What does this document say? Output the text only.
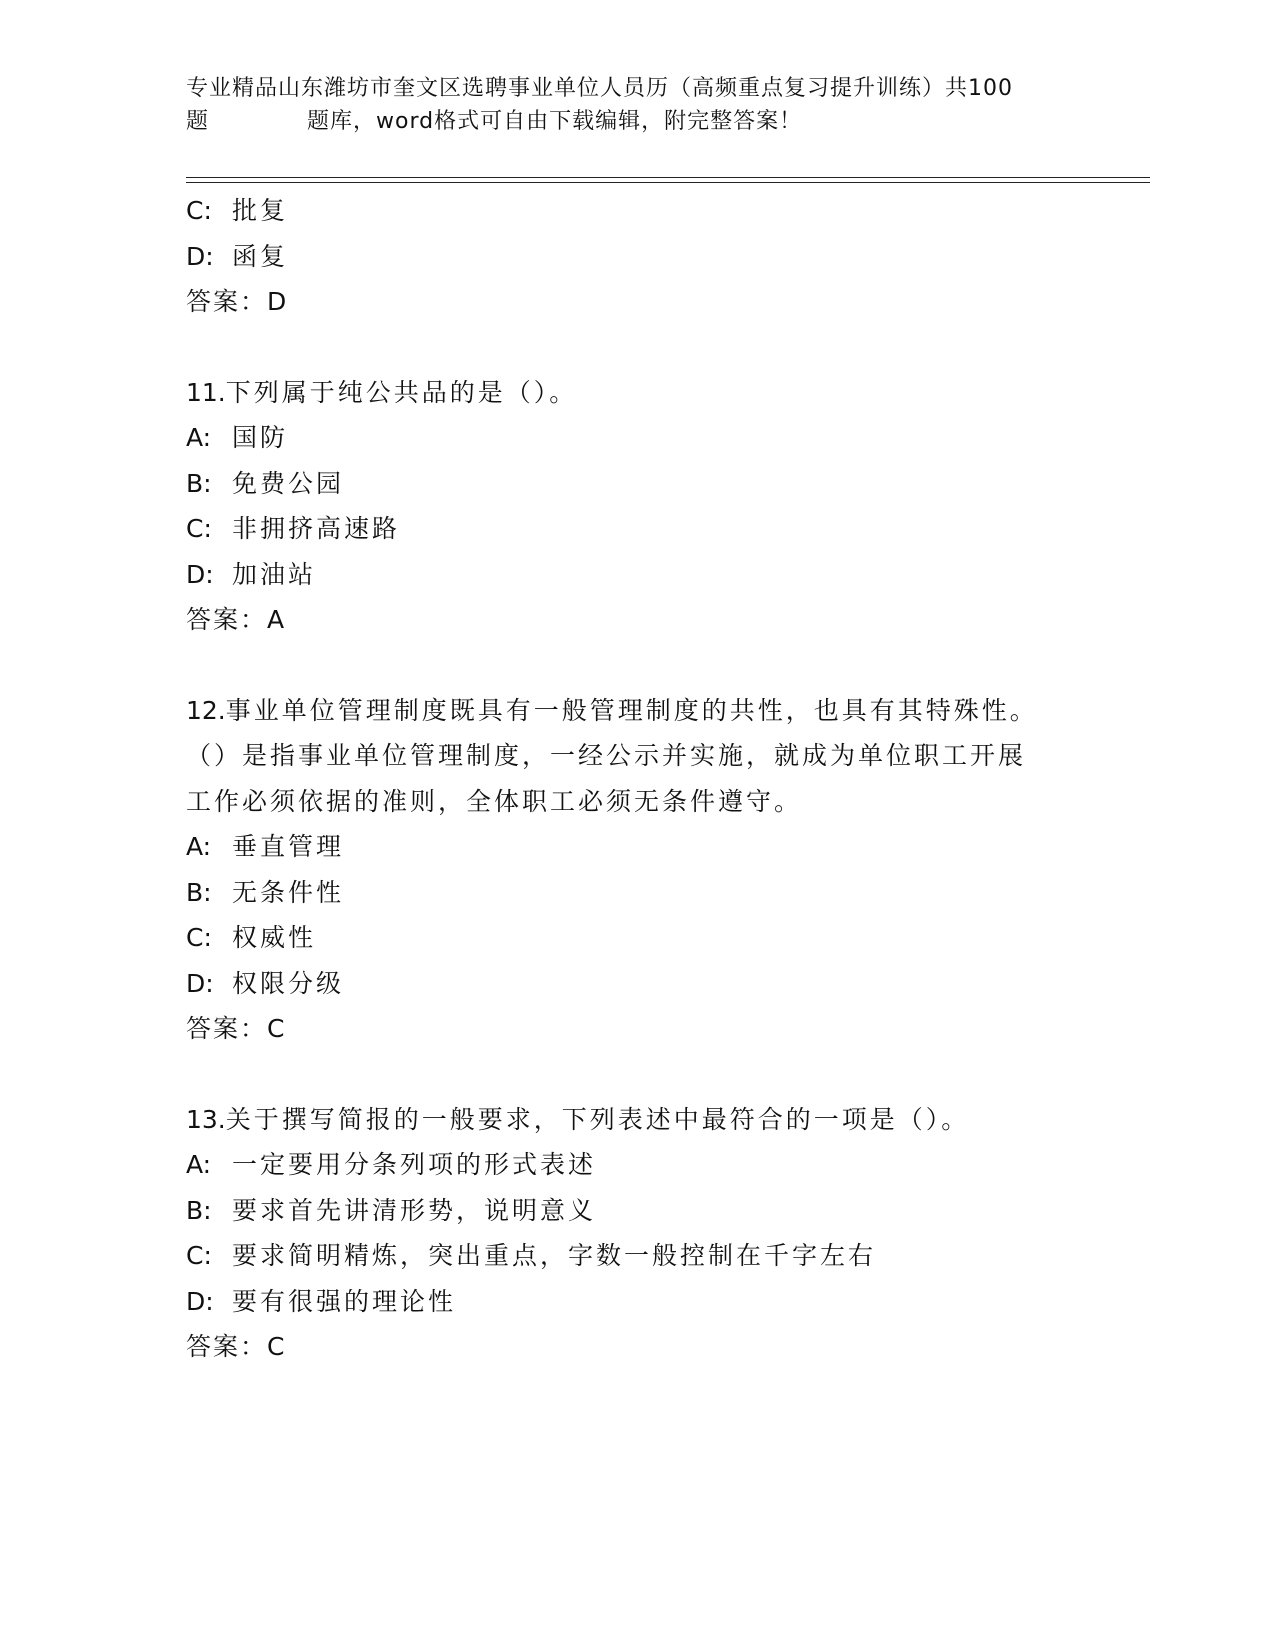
专业精品山东潍坊市奎文区选聘事业单位人员历（高频重点复习提升训练）共100
题	题库，word格式可自由下载编辑，附完整答案！
C: 批复
D: 函复
答案：D
11.下列属于纯公共品的是（）。
A: 国防
B: 免费公园
C: 非拥挤高速路
D: 加油站
答案：A
12.事业单位管理制度既具有一般管理制度的共性，也具有其特殊性。
（）是指事业单位管理制度，一经公示并实施，就成为单位职工开展
工作必须依据的准则，全体职工必须无条件遵守。
A: 垂直管理
B: 无条件性
C: 权威性
D: 权限分级
答案：C
13.关于撰写简报的一般要求，下列表述中最符合的一项是（）。
A: 一定要用分条列项的形式表述
B: 要求首先讲清形势，说明意义
C: 要求简明精炼，突出重点，字数一般控制在千字左右
D: 要有很强的理论性
答案：C
